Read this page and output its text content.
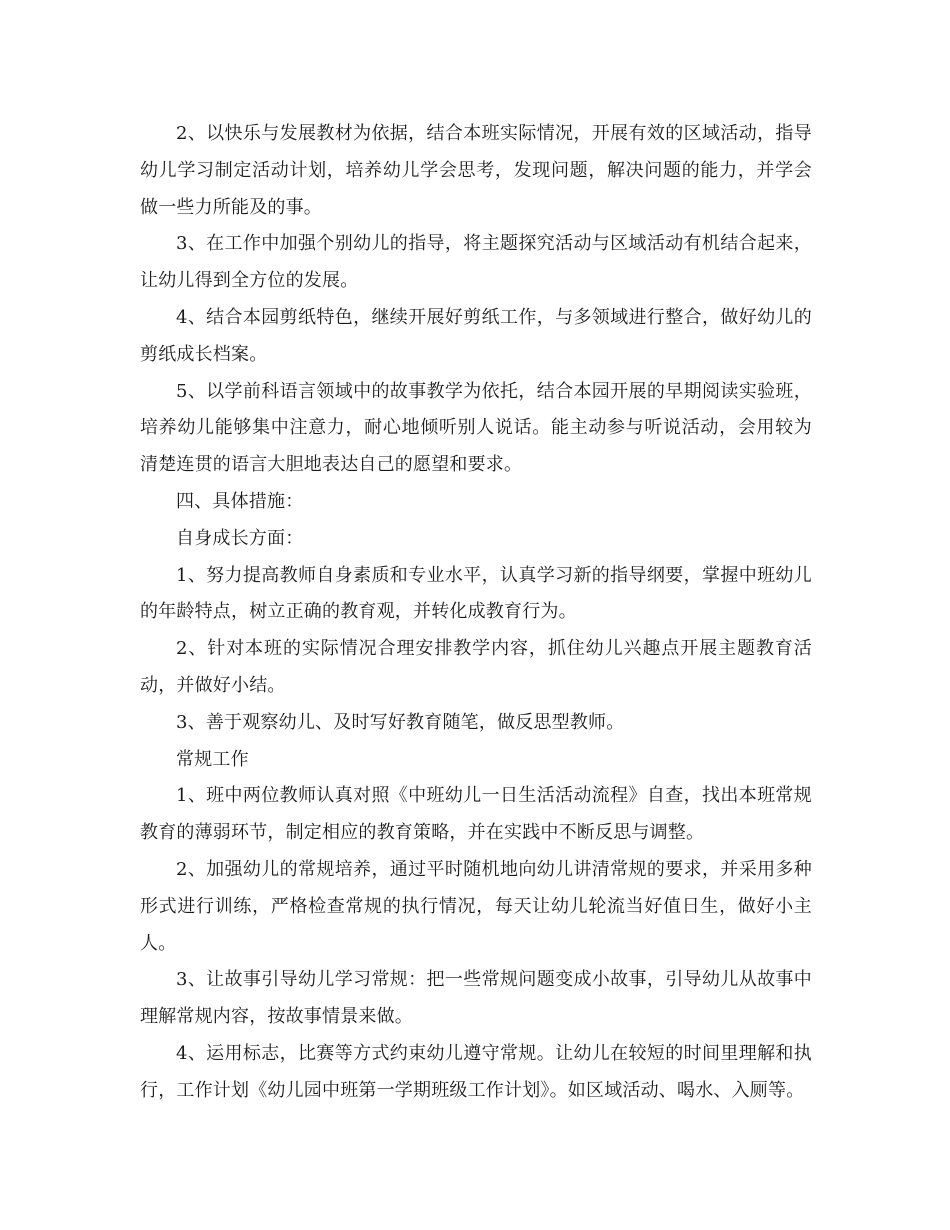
2、以快乐与发展教材为依据，结合本班实际情况，开展有效的区域活动，指导幼儿学习制定活动计划，培养幼儿学会思考，发现问题，解决问题的能力，并学会做一些力所能及的事。

3、在工作中加强个别幼儿的指导，将主题探究活动与区域活动有机结合起来，让幼儿得到全方位的发展。

4、结合本园剪纸特色，继续开展好剪纸工作，与多领域进行整合，做好幼儿的剪纸成长档案。

5、以学前科语言领域中的故事教学为依托，结合本园开展的早期阅读实验班，培养幼儿能够集中注意力，耐心地倾听别人说话。能主动参与听说活动，会用较为清楚连贯的语言大胆地表达自己的愿望和要求。

四、具体措施：

自身成长方面：

1、努力提高教师自身素质和专业水平，认真学习新的指导纲要，掌握中班幼儿的年龄特点，树立正确的教育观，并转化成教育行为。

2、针对本班的实际情况合理安排教学内容，抓住幼儿兴趣点开展主题教育活动，并做好小结。

3、善于观察幼儿、及时写好教育随笔，做反思型教师。

常规工作

1、班中两位教师认真对照《中班幼儿一日生活活动流程》自查，找出本班常规教育的薄弱环节，制定相应的教育策略，并在实践中不断反思与调整。

2、加强幼儿的常规培养，通过平时随机地向幼儿讲清常规的要求，并采用多种形式进行训练，严格检查常规的执行情况，每天让幼儿轮流当好值日生，做好小主人。

3、让故事引导幼儿学习常规：把一些常规问题变成小故事，引导幼儿从故事中理解常规内容，按故事情景来做。

4、运用标志，比赛等方式约束幼儿遵守常规。让幼儿在较短的时间里理解和执行，工作计划《幼儿园中班第一学期班级工作计划》。如区域活动、喝水、入厕等。
